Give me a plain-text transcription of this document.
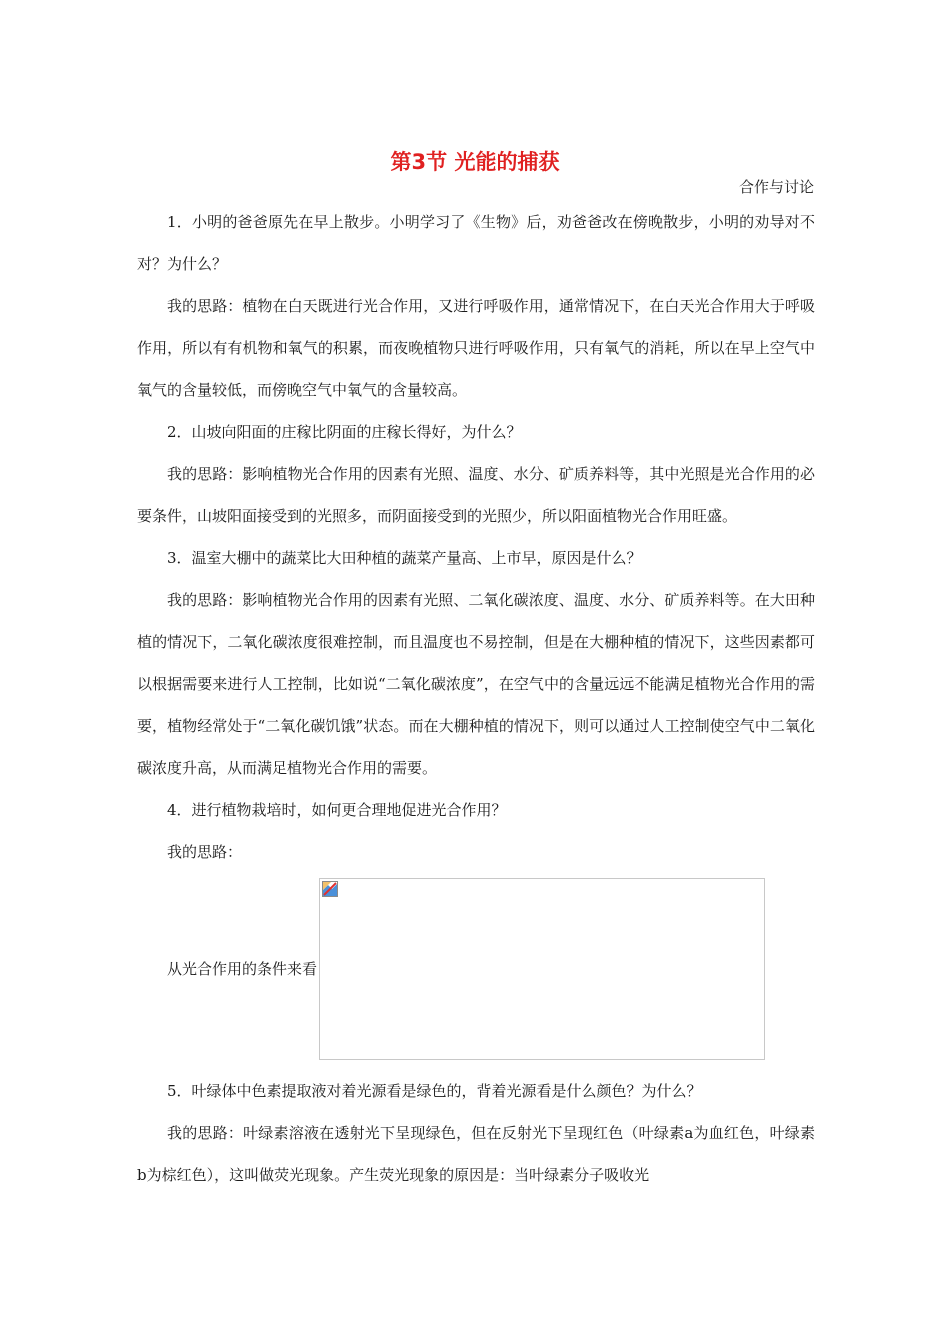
第3节 光能的捕获
合作与讨论

1．小明的爸爸原先在早上散步。小明学习了《生物》后，劝爸爸改在傍晚散步，小明的劝导对不对？为什么？

我的思路：植物在白天既进行光合作用，又进行呼吸作用，通常情况下，在白天光合作用大于呼吸作用，所以有有机物和氧气的积累，而夜晚植物只进行呼吸作用，只有氧气的消耗，所以在早上空气中氧气的含量较低，而傍晚空气中氧气的含量较高。

2．山坡向阳面的庄稼比阴面的庄稼长得好，为什么？

我的思路：影响植物光合作用的因素有光照、温度、水分、矿质养料等，其中光照是光合作用的必要条件，山坡阳面接受到的光照多，而阴面接受到的光照少，所以阳面植物光合作用旺盛。

3．温室大棚中的蔬菜比大田种植的蔬菜产量高、上市早，原因是什么？

我的思路：影响植物光合作用的因素有光照、二氧化碳浓度、温度、水分、矿质养料等。在大田种植的情况下，二氧化碳浓度很难控制，而且温度也不易控制，但是在大棚种植的情况下，这些因素都可以根据需要来进行人工控制，比如说“二氧化碳浓度”，在空气中的含量远远不能满足植物光合作用的需要，植物经常处于“二氧化碳饥饿”状态。而在大棚种植的情况下，则可以通过人工控制使空气中二氧化碳浓度升高，从而满足植物光合作用的需要。

4．进行植物栽培时，如何更合理地促进光合作用？

我的思路：

从光合作用的条件来看

5．叶绿体中色素提取液对着光源看是绿色的，背着光源看是什么颜色？为什么？

我的思路：叶绿素溶液在透射光下呈现绿色，但在反射光下呈现红色（叶绿素a为血红色，叶绿素b为棕红色），这叫做荧光现象。产生荧光现象的原因是：当叶绿素分子吸收光
